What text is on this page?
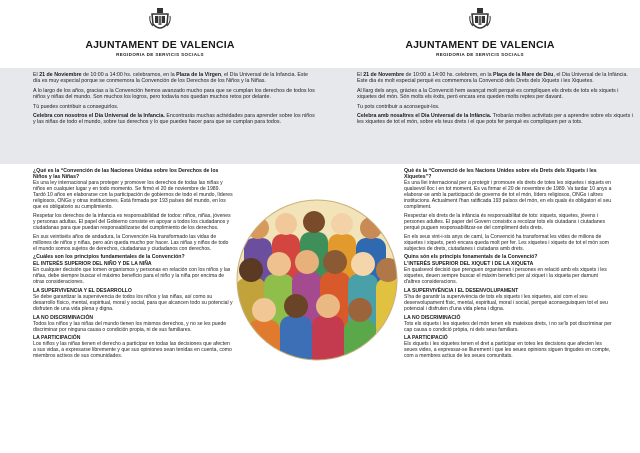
AJUNTAMENT DE VALENCIA
REGIDORIA DE SERVICIS SOCIALS
AJUNTAMENT DE VALENCIA
REGIDORIA DE SERVICIS SOCIALS

El 21 de Noviembre de 10:00 a 14:00 hs. celebramos, en la Plaza de la Virgen, el Día Universal de la Infancia. Este día es muy especial porque se conmemora la Convención de los Derechos de los Niños y la Niñas.

A lo largo de los años, gracias a la Convención hemos avanzado mucho para que se cumplan los derechos de todos los niños y niñas del mundo. Son muchos los logros, pero todavía nos quedan muchos retos por delante.

Tú puedes contribuir a conseguirlos.

Celebra con nosotros el Día Universal de la Infancia. Encontrarás muchas actividades para aprender sobre los niños y las niñas de todo el mundo, sobre tus derechos y lo que puedes hacer para que se cumplan para todos.

El 21 de Novembre de 10:00 a 14:00 hs. celebrem, en la Plaça de la Mare de Déu, el Dia Universal de la Infància. Este dia és molt especial perquè es commemora la Convenció dels Drets dels Xiquets i les Xiquetes.

Al llarg dels anys, gràcies a la Convenció hem avançat molt perquè es compliquen els drets de tots els xiquets i xiquetes del món. Són molts els èxits, però encara ens queden molts reptes per davant.

Tu pots contribuir a aconseguir-los.

Celebra amb nosaltres el Dia Universal de la Infància. Trobaràs moltes activitats per a aprendre sobre els xiquets i les xiquetes de tot el món, sobre els teus drets i el que pots fer perquè es compliquen per a tots.

¿Qué es la “Convención de las Naciones Unidas sobre los Derechos de los Niños y las Niñas?

Es una ley internacional para proteger y promover los derechos de todas las niñas y niños en cualquier lugar y en todo momento. Se firmó el 20 de noviembre de 1989. Tardó 10 años en elaborarse con la participación de gobiernos de todo el mundo, líderes religiosos, ONGs y otras instituciones. Está firmada por 193 países del mundo, en los que es obligatorio su cumplimiento.

Respetar los derechos de la infancia es responsabilidad de todos: niños, niñas, jóvenes y personas adultas. El papel del Gobierno consiste en apoyar a todos los ciudadanos y ciudadanas para que puedan responsabilizarse del cumplimiento de los derechos.

En sus veintiséis años de andadura, la Convención Ha transformado las vidas de millones de niños y niñas, pero aún queda mucho por hacer. Las niñas y niños de todo el mundo somos sujetos de derechos, ciudadanas y ciudadanos con derechos.

¿Cuáles son los principios fundamentales de la Convención?
EL INTERÉS SUPERIOR DEL NIÑO Y DE LA NIÑA

En cualquier decisión que tomen organismos y personas en relación con los niños y las niñas, debe siempre buscar el máximo beneficio para el niño y la niña por encima de otras consideraciones.

LA SUPERVIVENCIA Y EL DESARROLLO

Se debe garantizar la supervivencia de todos los niños y las niñas, así como su desarrollo físico, mental, espiritual, moral y social, para que alcancen todo su potencial y disfruten de una vida plena y digna.

LA NO DISCRIMINACIÓN

Todos los niños y las niñas del mundo tienen los mismos derechos, y no se les puede discriminar por ninguna causa o condición propia, ni de sus familiares.

LA PARTICIPACIÓN

Los niños y las niñas tienen el derecho a participar en todas las decisiones que afecten a sus vidas, a expresarse libremente y que sus opiniones sean tenidas en cuenta, como miembros activos de sus comunidades.

Què és la “Convenció de les Nacions Unides sobre els Drets dels Xiquets i les Xiquetes”?

És una llei internacional per a protegir i promoure els drets de totes les xiquetes i xiquets en qualsevol lloc i en tot moment. Es va firmar el 20 de novembre de 1989. Va tardar 10 anys a elaborar-se amb la participació de governs de tot el món, líders religiosos, ONGs i altres institucions. Actualment l'han ratificada 193 països del món, en els quals és obligatori el seu compliment.

Respectar els drets de la infància és responsabilitat de tots: xiquets, xiquetes, jóvens i persones adultes. El paper del Govern consistix a recolzar tots els ciutadans i ciutadanes perquè puguen responsabilitzar-se del compliment dels drets.

En els seus vint-i-sis anys de camí, la Convenció ha transformat les vides de milions de xiquetes i xiquets, però encara queda molt per fer. Les xiquetes i xiquets de tot el món som subjectes de drets, ciutadanes i ciutadans amb drets.

Quins són els principis fonamentals de la Convenció?
L'INTERÉS SUPERIOR DEL XIQUET I DE LA XIQUETA

En qualsevol decisió que prenguen organismes i persones en relació amb els xiquets i les xiquetes, deuen sempre buscar el màxim benefici per al xiquet i la xiqueta per damunt d'altres consideracions.

LA SUPERVIVÈNCIA I EL DESENVOLUPAMENT

S'ha de garantir la supervivència de tots els xiquets i les xiquetes, així com el seu desenvolupament físic, mental, espiritual, moral i social, perquè aconseguisquen tot el seu potencial i disfruten d'una vida plena i digna.

LA NO DISCRIMINACIÓ

Tots els xiquets i les xiquetes del món tenen els mateixos drets, i no se'ls pot discriminar per cap causa o condició pròpia, ni dels seus familiars.

LA PARTICIPACIÓ

Els xiquets i les xiquetes tenen el dret a participar en totes les decisions que afecten les seues vides, a expressar-se lliurement i que les seues opinions siguen tingudes en compte, com a membres actius de les seues comunitats.
